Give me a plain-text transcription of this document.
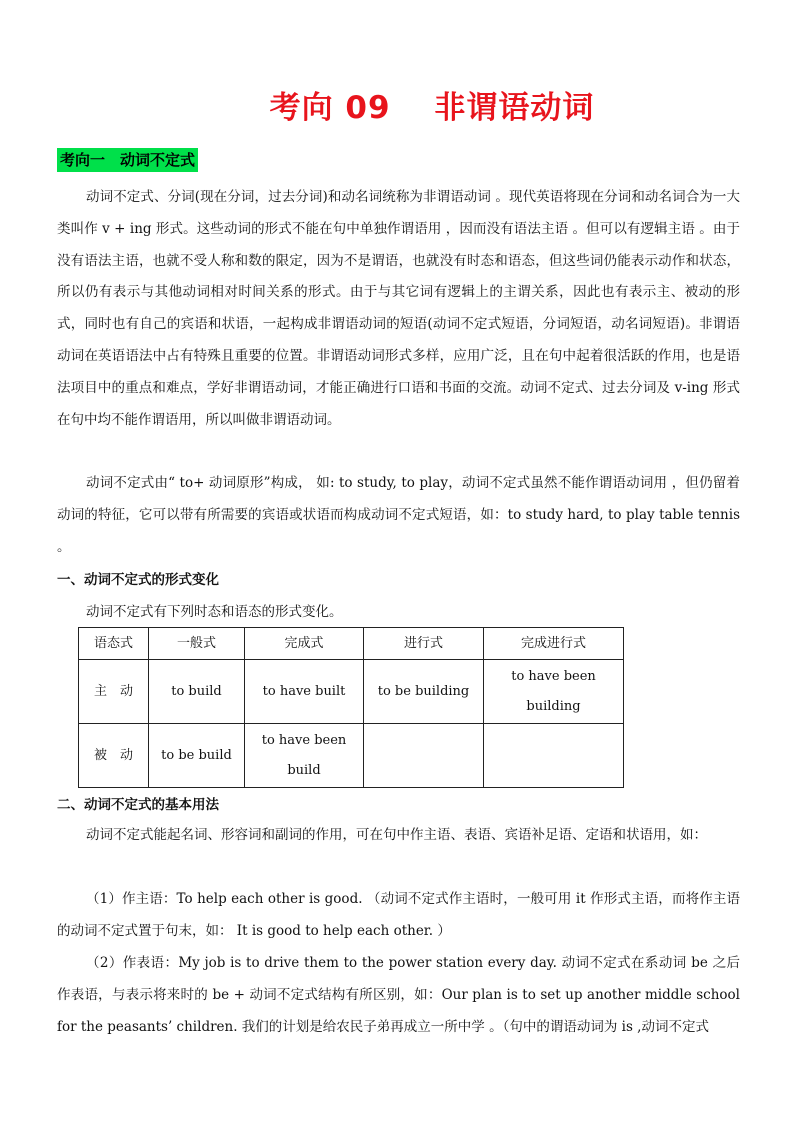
考向 09　 非谓语动词
考向一　动词不定式

动词不定式、分词(现在分词，过去分词)和动名词统称为非谓语动词 。现代英语将现在分词和动名词合为一大类叫作 v + ing 形式。这些动词的形式不能在句中单独作谓语用 ，因而没有语法主语 。但可以有逻辑主语 。由于没有语法主语，也就不受人称和数的限定，因为不是谓语，也就没有时态和语态，但这些词仍能表示动作和状态，所以仍有表示与其他动词相对时间关系的形式。由于与其它词有逻辑上的主谓关系，因此也有表示主、被动的形式，同时也有自己的宾语和状语，一起构成非谓语动词的短语(动词不定式短语，分词短语，动名词短语)。非谓语动词在英语语法中占有特殊且重要的位置。非谓语动词形式多样，应用广泛，且在句中起着很活跃的作用，也是语法项目中的重点和难点，学好非谓语动词，才能正确进行口语和书面的交流。动词不定式、过去分词及 v-ing 形式在句中均不能作谓语用，所以叫做非谓语动词。

动词不定式由“ to+ 动词原形”构成， 如: to study, to play，动词不定式虽然不能作谓语动词用 ，但仍留着动词的特征，它可以带有所需要的宾语或状语而构成动词不定式短语，如：to study hard, to play table tennis 。

一、动词不定式的形式变化

动词不定式有下列时态和语态的形式变化。

语态式	一般式	完成式	进行式	完成进行式
主　动	to build	to have built	to be building	to have been building
被　动	to be build	to have been build		

二、动词不定式的基本用法

动词不定式能起名词、形容词和副词的作用，可在句中作主语、表语、宾语补足语、定语和状语用，如：

（1）作主语：To help each other is good. （动词不定式作主语时，一般可用 it 作形式主语，而将作主语的动词不定式置于句末，如： It is good to help each other. ）

（2）作表语：My job is to drive them to the power station every day. 动词不定式在系动词 be 之后作表语，与表示将来时的 be + 动词不定式结构有所区别，如：Our plan is to set up another middle school for the peasants’ children. 我们的计划是给农民子弟再成立一所中学 。（句中的谓语动词为 is ,动词不定式
